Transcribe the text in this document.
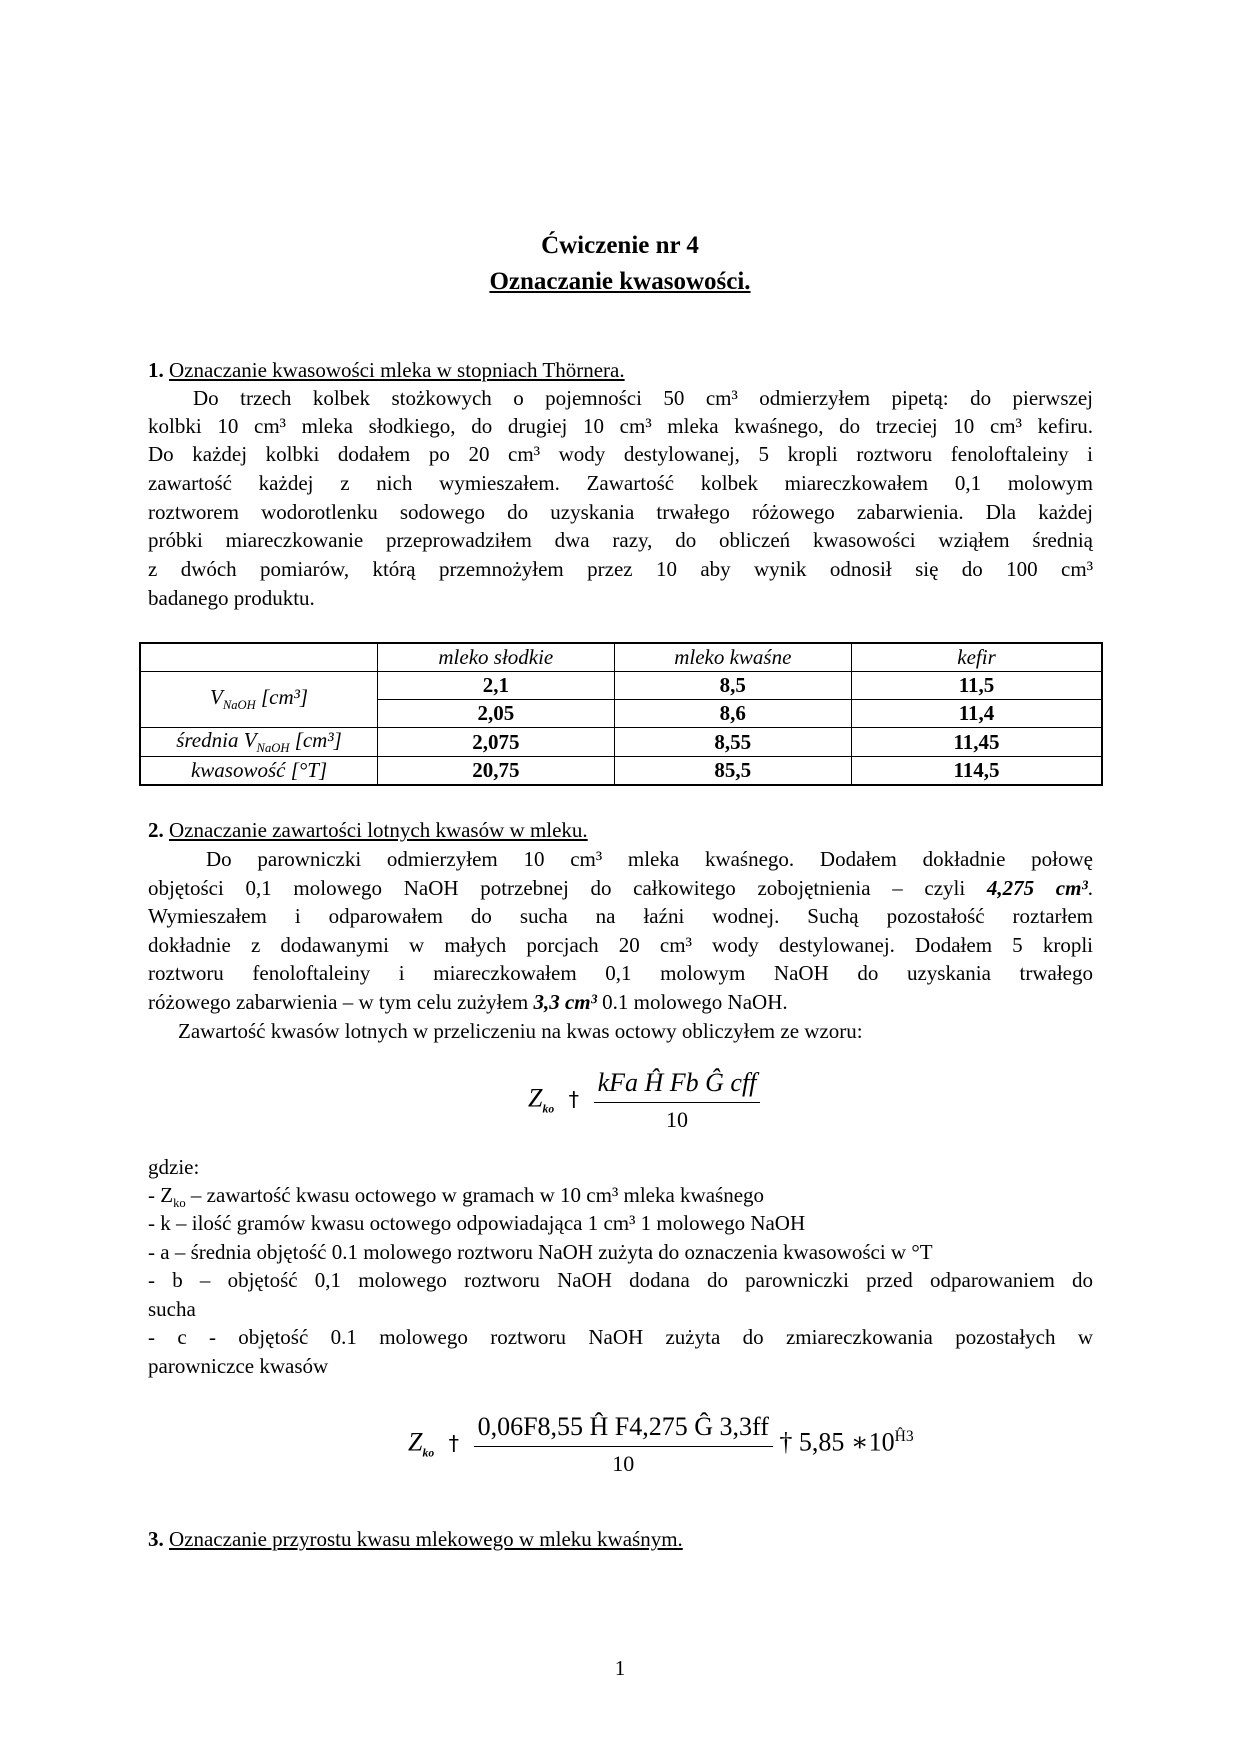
Ćwiczenie nr 4
Oznaczanie kwasowości.
1. Oznaczanie kwasowości mleka w stopniach Thörnera.
Do trzech kolbek stożkowych o pojemności 50 cm³ odmierzyłem pipetą: do pierwszej
kolbki 10 cm³ mleka słodkiego, do drugiej 10 cm³ mleka kwaśnego, do trzeciej 10 cm³ kefiru.
Do każdej kolbki dodałem po 20 cm³ wody destylowanej, 5 kropli roztworu fenoloftaleiny i
zawartość każdej z nich wymieszałem. Zawartość kolbek miareczkowałem 0,1 molowym
roztworem wodorotlenku sodowego do uzyskania trwałego różowego zabarwienia. Dla każdej
próbki miareczkowanie przeprowadziłem dwa razy, do obliczeń kwasowości wziąłem średnią
z dwóch pomiarów, którą przemnożyłem przez 10 aby wynik odnosił się do 100 cm³
badanego produktu.
	mleko słodkie	mleko kwaśne	kefir
$V_{NaOH}$ [cm³]	2,1	8,5	11,5
	2,05	8,6	11,4
średnia $V_{NaOH}$ [cm³]	2,075	8,55	11,45
kwasowość [°T]	20,75	85,5	114,5
2. Oznaczanie zawartości lotnych kwasów w mleku.
Do parowniczki odmierzyłem 10 cm³ mleka kwaśnego. Dodałem dokładnie połowę
objętości 0,1 molowego NaOH potrzebnej do całkowitego zobojętnienia – czyli 4,275 cm³.
Wymieszałem i odparowałem do sucha na łaźni wodnej. Suchą pozostałość roztarłem
dokładnie z dodawanymi w małych porcjach 20 cm³ wody destylowanej. Dodałem 5 kropli
roztworu fenoloftaleiny i miareczkowałem 0,1 molowym NaOH do uzyskania trwałego
różowego zabarwienia – w tym celu zużyłem 3,3 cm³ 0.1 molowego NaOH.
Zawartość kwasów lotnych w przeliczeniu na kwas octowy obliczyłem ze wzoru:
$Z_{ko}$ † $\frac{\text{kFa Ĥ Fb Ĝ cff}}{10}$
gdzie:
- $Z_{ko}$ – zawartość kwasu octowego w gramach w 10 cm³ mleka kwaśnego
- k – ilość gramów kwasu octowego odpowiadająca 1 cm³ 1 molowego NaOH
- a – średnia objętość 0.1 molowego roztworu NaOH zużyta do oznaczenia kwasowości w °T
- b – objętość 0,1 molowego roztworu NaOH dodana do parowniczki przed odparowaniem do
sucha
- c - objętość 0.1 molowego roztworu NaOH zużyta do zmiareczkowania pozostałych w
parowniczce kwasów
$Z_{ko}$ † $\frac{\text{0,06F8,55 Ĥ F4,275 Ĝ 3,3ff}}{10}$ † 5,85 $∗10^{Ĥ3}$
3. Oznaczanie przyrostu kwasu mlekowego w mleku kwaśnym.
1
